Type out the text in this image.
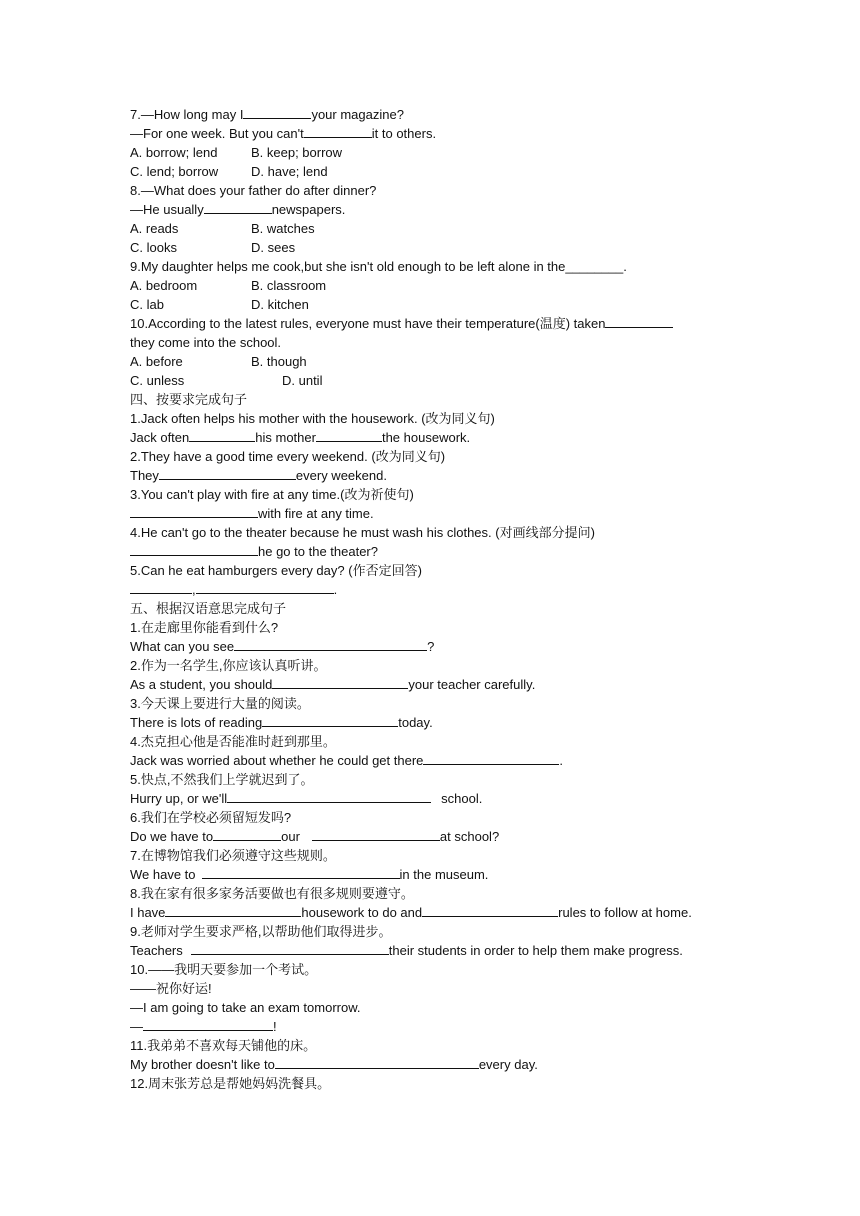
7.—How long may I	your magazine?
—For one week. But you can't	it to others.
A. borrow; lend	B. keep; borrow
C. lend; borrow	D. have; lend
8.—What does your father do after dinner?
—He usually	newspapers.
A. reads	B. watches
C. looks	D. sees
9.My daughter helps me cook,but she isn't old enough to be left alone in the________.
A. bedroom	B. classroom
C. lab	D. kitchen
10.According to the latest rules, everyone must have their temperature(温度) taken
they come into the school.
A. before	B. though
C. unless	D. until
四、按要求完成句子
1.Jack often helps his mother with the housework. (改为同义句)
Jack often	his mother	the housework.
2.They have a good time every weekend. (改为同义句)
They	every weekend.
3.You can't play with fire at any time.(改为祈使句)
with fire at any time.
4.He can't go to the theater because he must wash his clothes. (对画线部分提问)
he go to the theater?
5.Can he eat hamburgers every day? (作否定回答)
,	.
五、根据汉语意思完成句子
1.在走廊里你能看到什么?
What can you see	?
2.作为一名学生,你应该认真听讲。
As a student, you should	your teacher carefully.
3.今天课上要进行大量的阅读。
There is lots of reading	today.
4.杰克担心他是否能准时赶到那里。
Jack was worried about whether he could get there	.
5.快点,不然我们上学就迟到了。
Hurry up, or we'll	school.
6.我们在学校必须留短发吗?
Do we have to	our	at school?
7.在博物馆我们必须遵守这些规则。
We have to	in the museum.
8.我在家有很多家务活要做也有很多规则要遵守。
I have	housework to do and	rules to follow at home.
9.老师对学生要求严格,以帮助他们取得进步。
Teachers	their students in order to help them make progress.
10.——我明天要参加一个考试。
——祝你好运!
—I am going to take an exam tomorrow.
—	!
11.我弟弟不喜欢每天铺他的床。
My brother doesn't like to	every day.
12.周末张芳总是帮她妈妈洗餐具。
